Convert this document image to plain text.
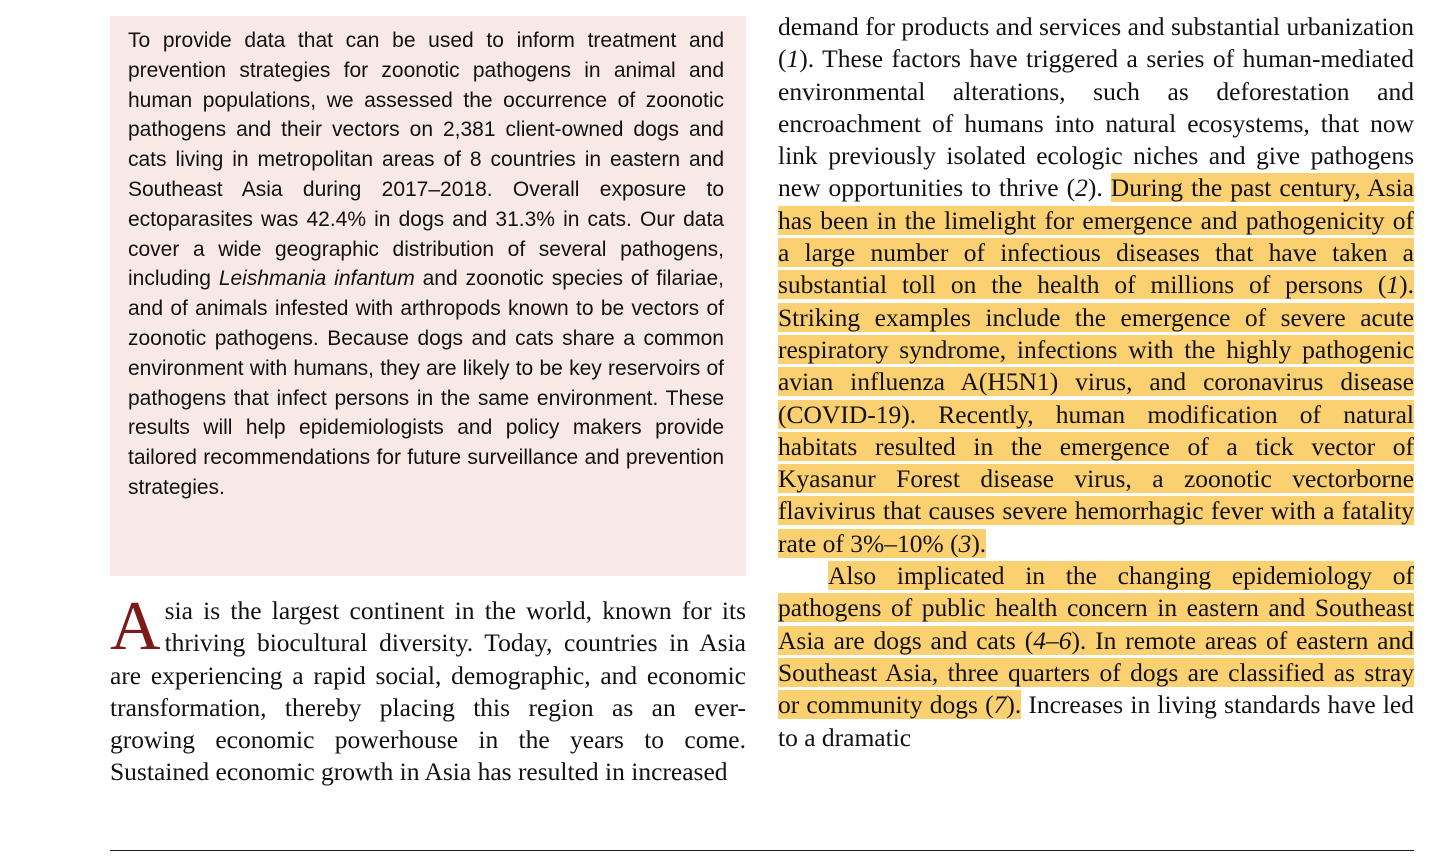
To provide data that can be used to inform treatment and prevention strategies for zoonotic pathogens in animal and human populations, we assessed the occurrence of zoonotic pathogens and their vectors on 2,381 client-owned dogs and cats living in metropolitan areas of 8 countries in eastern and Southeast Asia during 2017–2018. Overall exposure to ectoparasites was 42.4% in dogs and 31.3% in cats. Our data cover a wide geographic distribution of several pathogens, including Leishmania infantum and zoonotic species of filariae, and of animals infested with arthropods known to be vectors of zoonotic pathogens. Because dogs and cats share a common environment with humans, they are likely to be key reservoirs of pathogens that infect persons in the same environment. These results will help epidemiologists and policy makers provide tailored recommendations for future surveillance and prevention strategies.

Asia is the largest continent in the world, known for its thriving biocultural diversity. Today, countries in Asia are experiencing a rapid social, demographic, and economic transformation, thereby placing this region as an ever-growing economic powerhouse in the years to come. Sustained economic growth in Asia has resulted in increased

demand for products and services and substantial urbanization (1). These factors have triggered a series of human-mediated environmental alterations, such as deforestation and encroachment of humans into natural ecosystems, that now link previously isolated ecologic niches and give pathogens new opportunities to thrive (2). During the past century, Asia has been in the limelight for emergence and pathogenicity of a large number of infectious diseases that have taken a substantial toll on the health of millions of persons (1). Striking examples include the emergence of severe acute respiratory syndrome, infections with the highly pathogenic avian influenza A(H5N1) virus, and coronavirus disease (COVID-19). Recently, human modification of natural habitats resulted in the emergence of a tick vector of Kyasanur Forest disease virus, a zoonotic vectorborne flavivirus that causes severe hemorrhagic fever with a fatality rate of 3%–10% (3).

Also implicated in the changing epidemiology of pathogens of public health concern in eastern and Southeast Asia are dogs and cats (4–6). In remote areas of eastern and Southeast Asia, three quarters of dogs are classified as stray or community dogs (7). Increases in living standards have led to a dramatic
